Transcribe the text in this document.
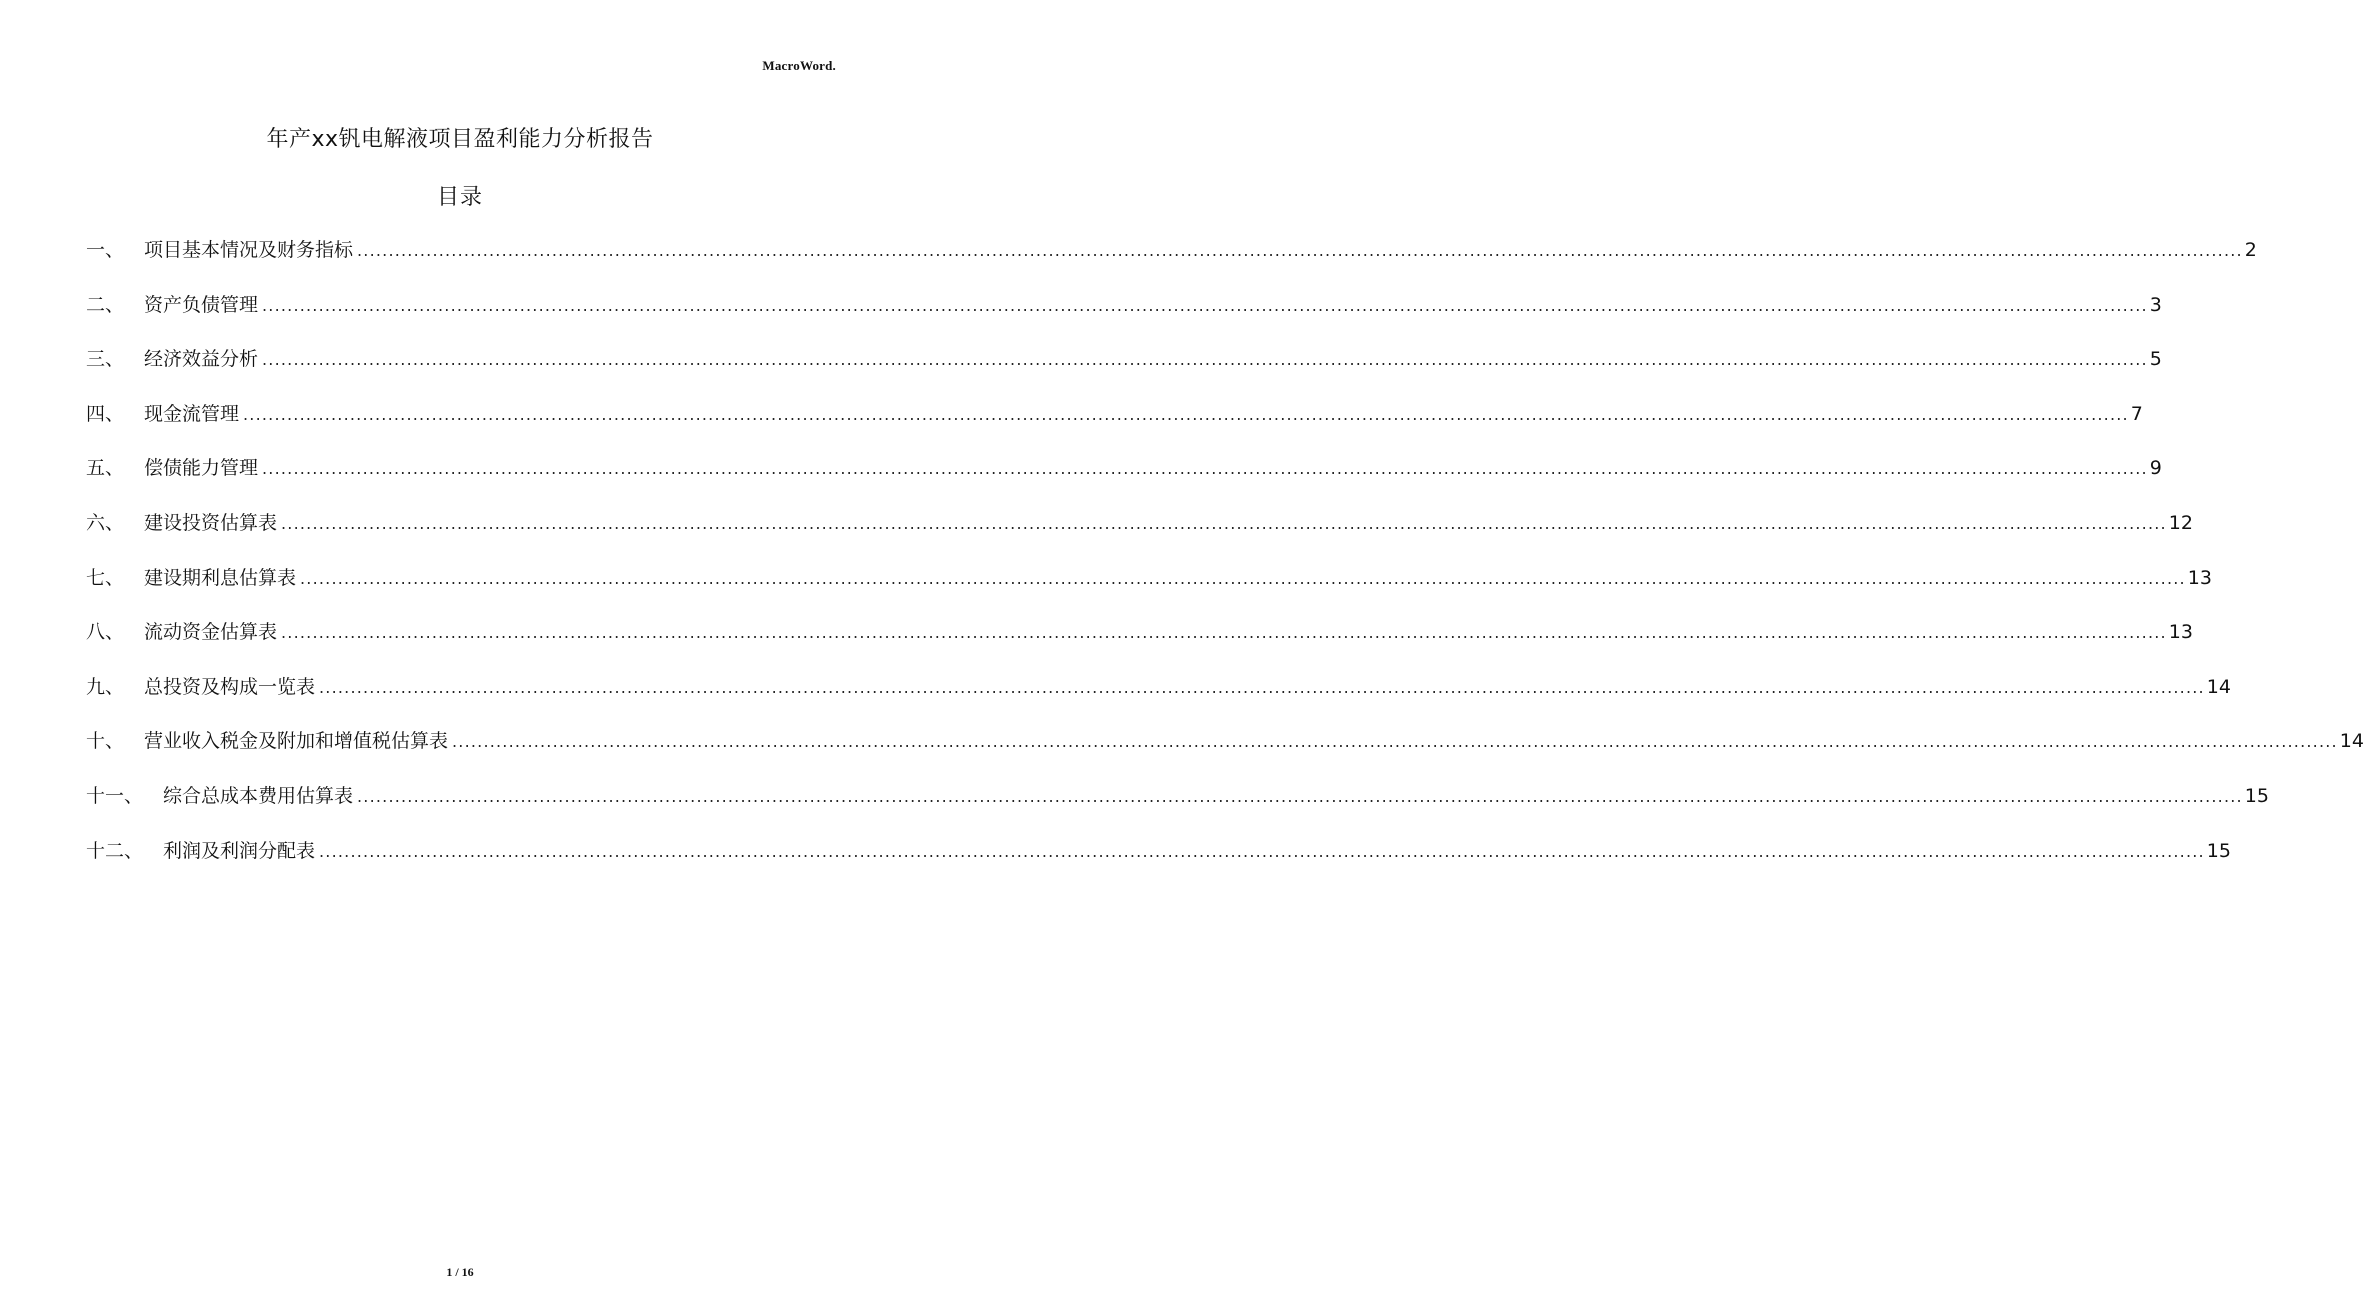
MacroWord.
年产xx钒电解液项目盈利能力分析报告
目录
一、	项目基本情况及财务指标 ............................................................................................................................................................................................................................................................................................................ 2
二、	资产负债管理 ............................................................................................................................................................................................................................................................................................................ 3
三、	经济效益分析 ............................................................................................................................................................................................................................................................................................................ 5
四、	现金流管理 ............................................................................................................................................................................................................................................................................................................ 7
五、	偿债能力管理 ............................................................................................................................................................................................................................................................................................................ 9
六、	建设投资估算表 ............................................................................................................................................................................................................................................................................................................ 12
七、	建设期利息估算表 ............................................................................................................................................................................................................................................................................................................ 13
八、	流动资金估算表 ............................................................................................................................................................................................................................................................................................................ 13
九、	总投资及构成一览表 ............................................................................................................................................................................................................................................................................................................ 14
十、	营业收入税金及附加和增值税估算表 ............................................................................................................................................................................................................................................................................................................ 14
十一、	综合总成本费用估算表 ............................................................................................................................................................................................................................................................................................................ 15
十二、	利润及利润分配表 ............................................................................................................................................................................................................................................................................................................ 15
1 / 16
